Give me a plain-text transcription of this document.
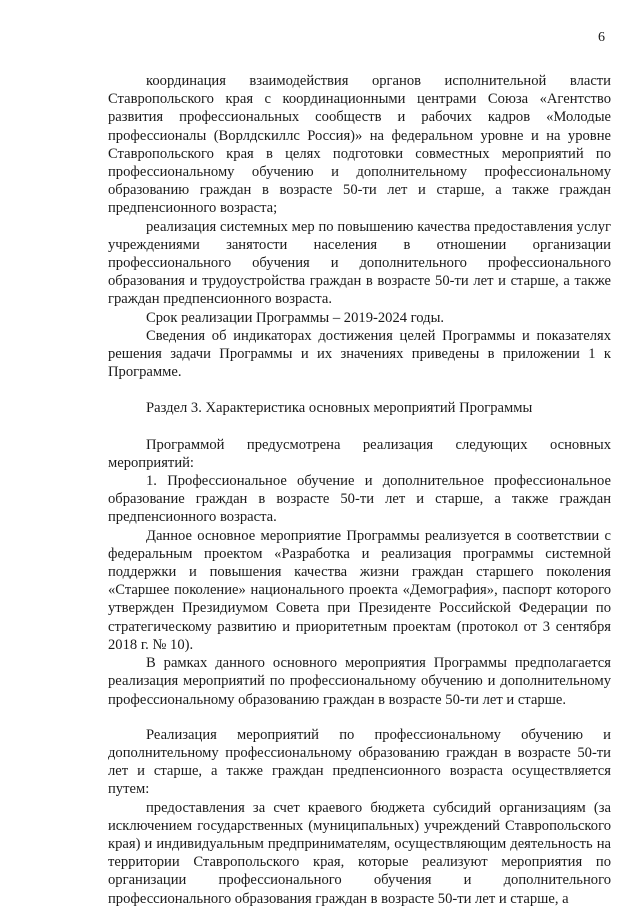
6

координация взаимодействия органов исполнительной власти Ставропольского края с координационными центрами Союза «Агентство развития профессиональных сообществ и рабочих кадров «Молодые профессионалы (Ворлдскиллс Россия)» на федеральном уровне и на уровне Ставропольского края в целях подготовки совместных мероприятий по профессиональному обучению и дополнительному профессиональному образованию граждан в возрасте 50-ти лет и старше, а также граждан предпенсионного возраста;

реализация системных мер по повышению качества предоставления услуг учреждениями занятости населения в отношении организации профессионального обучения и дополнительного профессионального образования и трудоустройства граждан в возрасте 50-ти лет и старше, а также граждан предпенсионного возраста.

Срок реализации Программы – 2019-2024 годы.

Сведения об индикаторах достижения целей Программы и показателях решения задачи Программы и их значениях приведены в приложении 1 к Программе.

Раздел 3. Характеристика основных мероприятий Программы

Программой предусмотрена реализация следующих основных мероприятий:

1. Профессиональное обучение и дополнительное профессиональное образование граждан в возрасте 50-ти лет и старше, а также граждан предпенсионного возраста.

Данное основное мероприятие Программы реализуется в соответствии с федеральным проектом «Разработка и реализация программы системной поддержки и повышения качества жизни граждан старшего поколения «Старшее поколение» национального проекта «Демография», паспорт которого утвержден Президиумом Совета при Президенте Российской Федерации по стратегическому развитию и приоритетным проектам (протокол от 3 сентября 2018 г. № 10).

В рамках данного основного мероприятия Программы предполагается реализация мероприятий по профессиональному обучению и дополнительному профессиональному образованию граждан в возрасте 50-ти лет и старше.

Реализация мероприятий по профессиональному обучению и дополнительному профессиональному образованию граждан в возрасте 50-ти лет и старше, а также граждан предпенсионного возраста осуществляется путем:

предоставления за счет краевого бюджета субсидий организациям (за исключением государственных (муниципальных) учреждений Ставропольского края) и индивидуальным предпринимателям, осуществляющим деятельность на территории Ставропольского края, которые реализуют мероприятия по организации профессионального обучения и дополнительного профессионального образования граждан в возрасте 50-ти лет и старше, а
